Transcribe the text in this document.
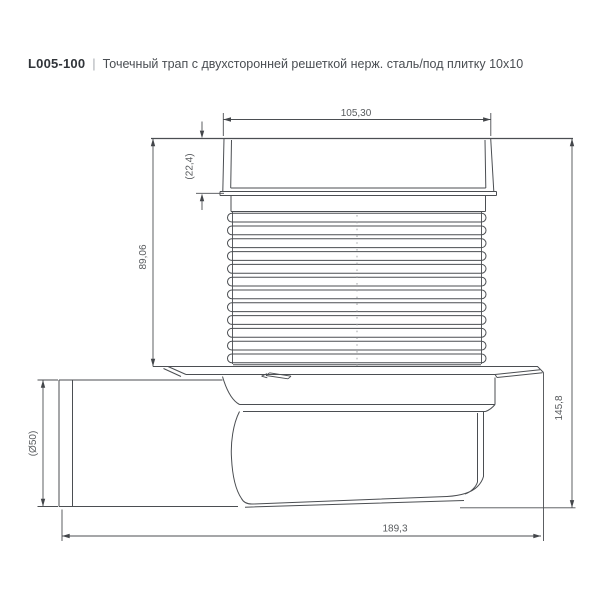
L005-100 | Точечный трап с двухсторонней решеткой нерж. сталь/под плитку 10x10
105,30
(22,4)
89,06
145,8
(Ø50)
189,3
